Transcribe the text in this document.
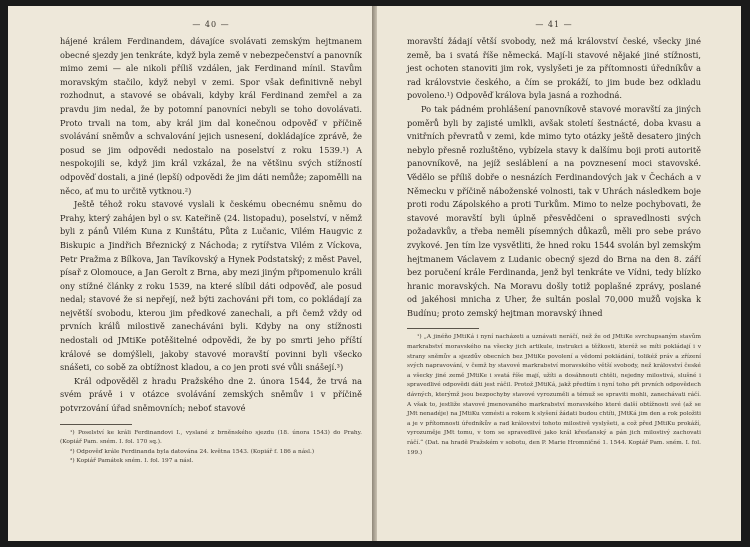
— 40 —

hájené králem Ferdinandem, dávajíce svolávati zemským hejtmanem obecné sjezdy jen tenkráte, když byla země v nebezpečenství a panovník mimo zemi — ale nikoli příliš vzdálen, jak Ferdinand mínil. Stavům moravským stačilo, když nebyl v zemi. Spor však definitivně nebyl rozhodnut, a stavové se obávali, kdyby král Ferdinand zemřel a za pravdu jim nedal, že by potomní panovníci nebyli se toho dovolávati. Proto trvali na tom, aby král jim dal konečnou odpověď v příčině svolávání sněmův a schvalování jejich usnesení, dokládajíce zprávě, že posud se jim odpovědi nedostalo na poselství z roku 1539.¹) A nespokojili se, když jim král vzkázal, že na většinu svých stížností odpověď dostali, a jiné (lepší) odpovědi že jim dáti nemůže; zapomělli na něco, ať mu to určitě vytknou.²)

Ještě téhož roku stavové vyslali k českému obecnému sněmu do Prahy, který zahájen byl o sv. Kateřině (24. listopadu), poselství, v němž byli z pánů Vilém Kuna z Kunštátu, Půta z Lučanic, Vilém Haugvic z Biskupic a Jindřich Březnický z Náchoda; z rytířstva Vilém z Víckova, Petr Pražma z Bílkova, Jan Tavíkovský a Hynek Podstatský; z měst Pavel, písař z Olomouce, a Jan Gerolt z Brna, aby mezi jiným připomenulo králi ony stížné články z roku 1539, na které slíbil dáti odpověď, ale posud nedal; stavové že si nepřejí, než býti zachováni při tom, co pokládají za největší svobodu, kterou jim předkové zanechali, a při čemž vždy od prvních králů milostivě zanecháváni byli. Kdyby na ony stížnosti nedostali od JMtiKe potěšitelné odpovědi, že by po smrti jeho příští králové se domýšleli, jakoby stavové moravští povinni byli všecko snášeti, co sobě za obtížnost kladou, a co jen proti své vůli snášejí.³)

Král odpověděl z hradu Pražského dne 2. února 1544, že trvá na svém právě i v otázce svolávání zemských sněmův i v příčině potvrzování úřad sněmovních; neboť stavové

¹) Poselství ke králi Ferdinandovi I., vyslané z brněnského sjezdu (18. února 1543) do Prahy. (Kopiář Pam. sném. I. fol. 170 sq.).

²) Odpověď krále Ferdinanda byla datována 24. května 1543. (Kopiář f. 186 a násl.)

³) Kopiář Památek sném. I. fol. 197 a násl.

— 41 —

moravští žádají větší svobody, než má království české, všecky jiné země, ba i svatá říše německá. Mají-li stavové nějaké jiné stížnosti, jest ochoten stanoviti jim rok, vyslyšeti je za přítomnosti úředníkův a rad královstvie českého, a čím se prokáží, to jim bude bez odkladu povoleno.¹) Odpověď králova byla jasná a rozhodná.

Po tak pádném prohlášení panovníkově stavové moravští za jiných poměrů byli by zajisté umlkli, avšak století šestnácté, doba kvasu a vnitřních převratů v zemi, kde mimo tyto otázky ještě desatero jiných nebylo přesně rozluštěno, vybízela stavy k dalšímu boji proti autoritě panovníkově, na jejíž sesláblení a na povznesení moci stavovské. Vědělo se příliš dobře o nesnázích Ferdinandových jak v Čechách a v Německu v příčině náboženské volnosti, tak v Uhrách následkem boje proti rodu Zápolského a proti Turkům. Mimo to nelze pochybovati, že stavové moravští byli úplně přesvědčeni o spravedlnosti svých požadavkův, a třeba neměli písemných důkazů, měli pro sebe právo zvykové. Jen tím lze vysvětliti, že hned roku 1544 svolán byl zemským hejtmanem Václavem z Ludanic obecný sjezd do Brna na den 8. září bez poručení krále Ferdinanda, jenž byl tenkráte ve Vídni, tedy blízko hranic moravských. Na Moravu došly totiž poplašné zprávy, poslané od jakéhosi mnicha z Uher, že sultán poslal 70,000 mužů vojska k Budínu; proto zemský hejtman moravský ihned

¹) „A jinéño JMtiKá i nyní nacházeti a uznávati neráčí, než že od JMtiKe svrchupsaným stavům markrabství moravského na všecky jich artikule, instrukci a těžkosti, kteréž se míti pokládají i v strany sněmův a sjezdův obecních bez JMtiKe povolení a vědomí pokládání, tolikéž práv a zřízení svých napravování, v čemž by stavové markrabství moravského větší svobody, než království české a všecky jiné země JMtiKe i svatá říše mají, užíti a dosáhnouti chtěli, nejedny milostivá, slušné i spravedlivé odpovědi dáti jest ráčil. Protož JMtiKá, jakž předtím i nyní toho při prvních odpovědech dávných, kterýmž jsou bezpochyby stavové vyrozuměli a témuž se spraviti mohli, zanechávati ráčí. A však to, jestliže stavové jmenovaného markrabství moravského které další obtížnosti své (až se JMt nenadéje) na JMtiKu vzmésti a rokem k slyšení žádati budou chtíti, JMtKá jim den a rok položiti a je v přítomnosti úředníkův a rad království tohoto milostivě vyslyšeti, a což před JMtiKu prokáží, vyrozuměje JMt tomu, v tom se spravedlivé jako král křesťanský a pán jich milostivý zachovati ráčí.“ (Dat. na hradě Pražském v sobotu, den P. Marie Hromničné 1. 1544. Kopiář Pam. sném. I. fol. 199.)
